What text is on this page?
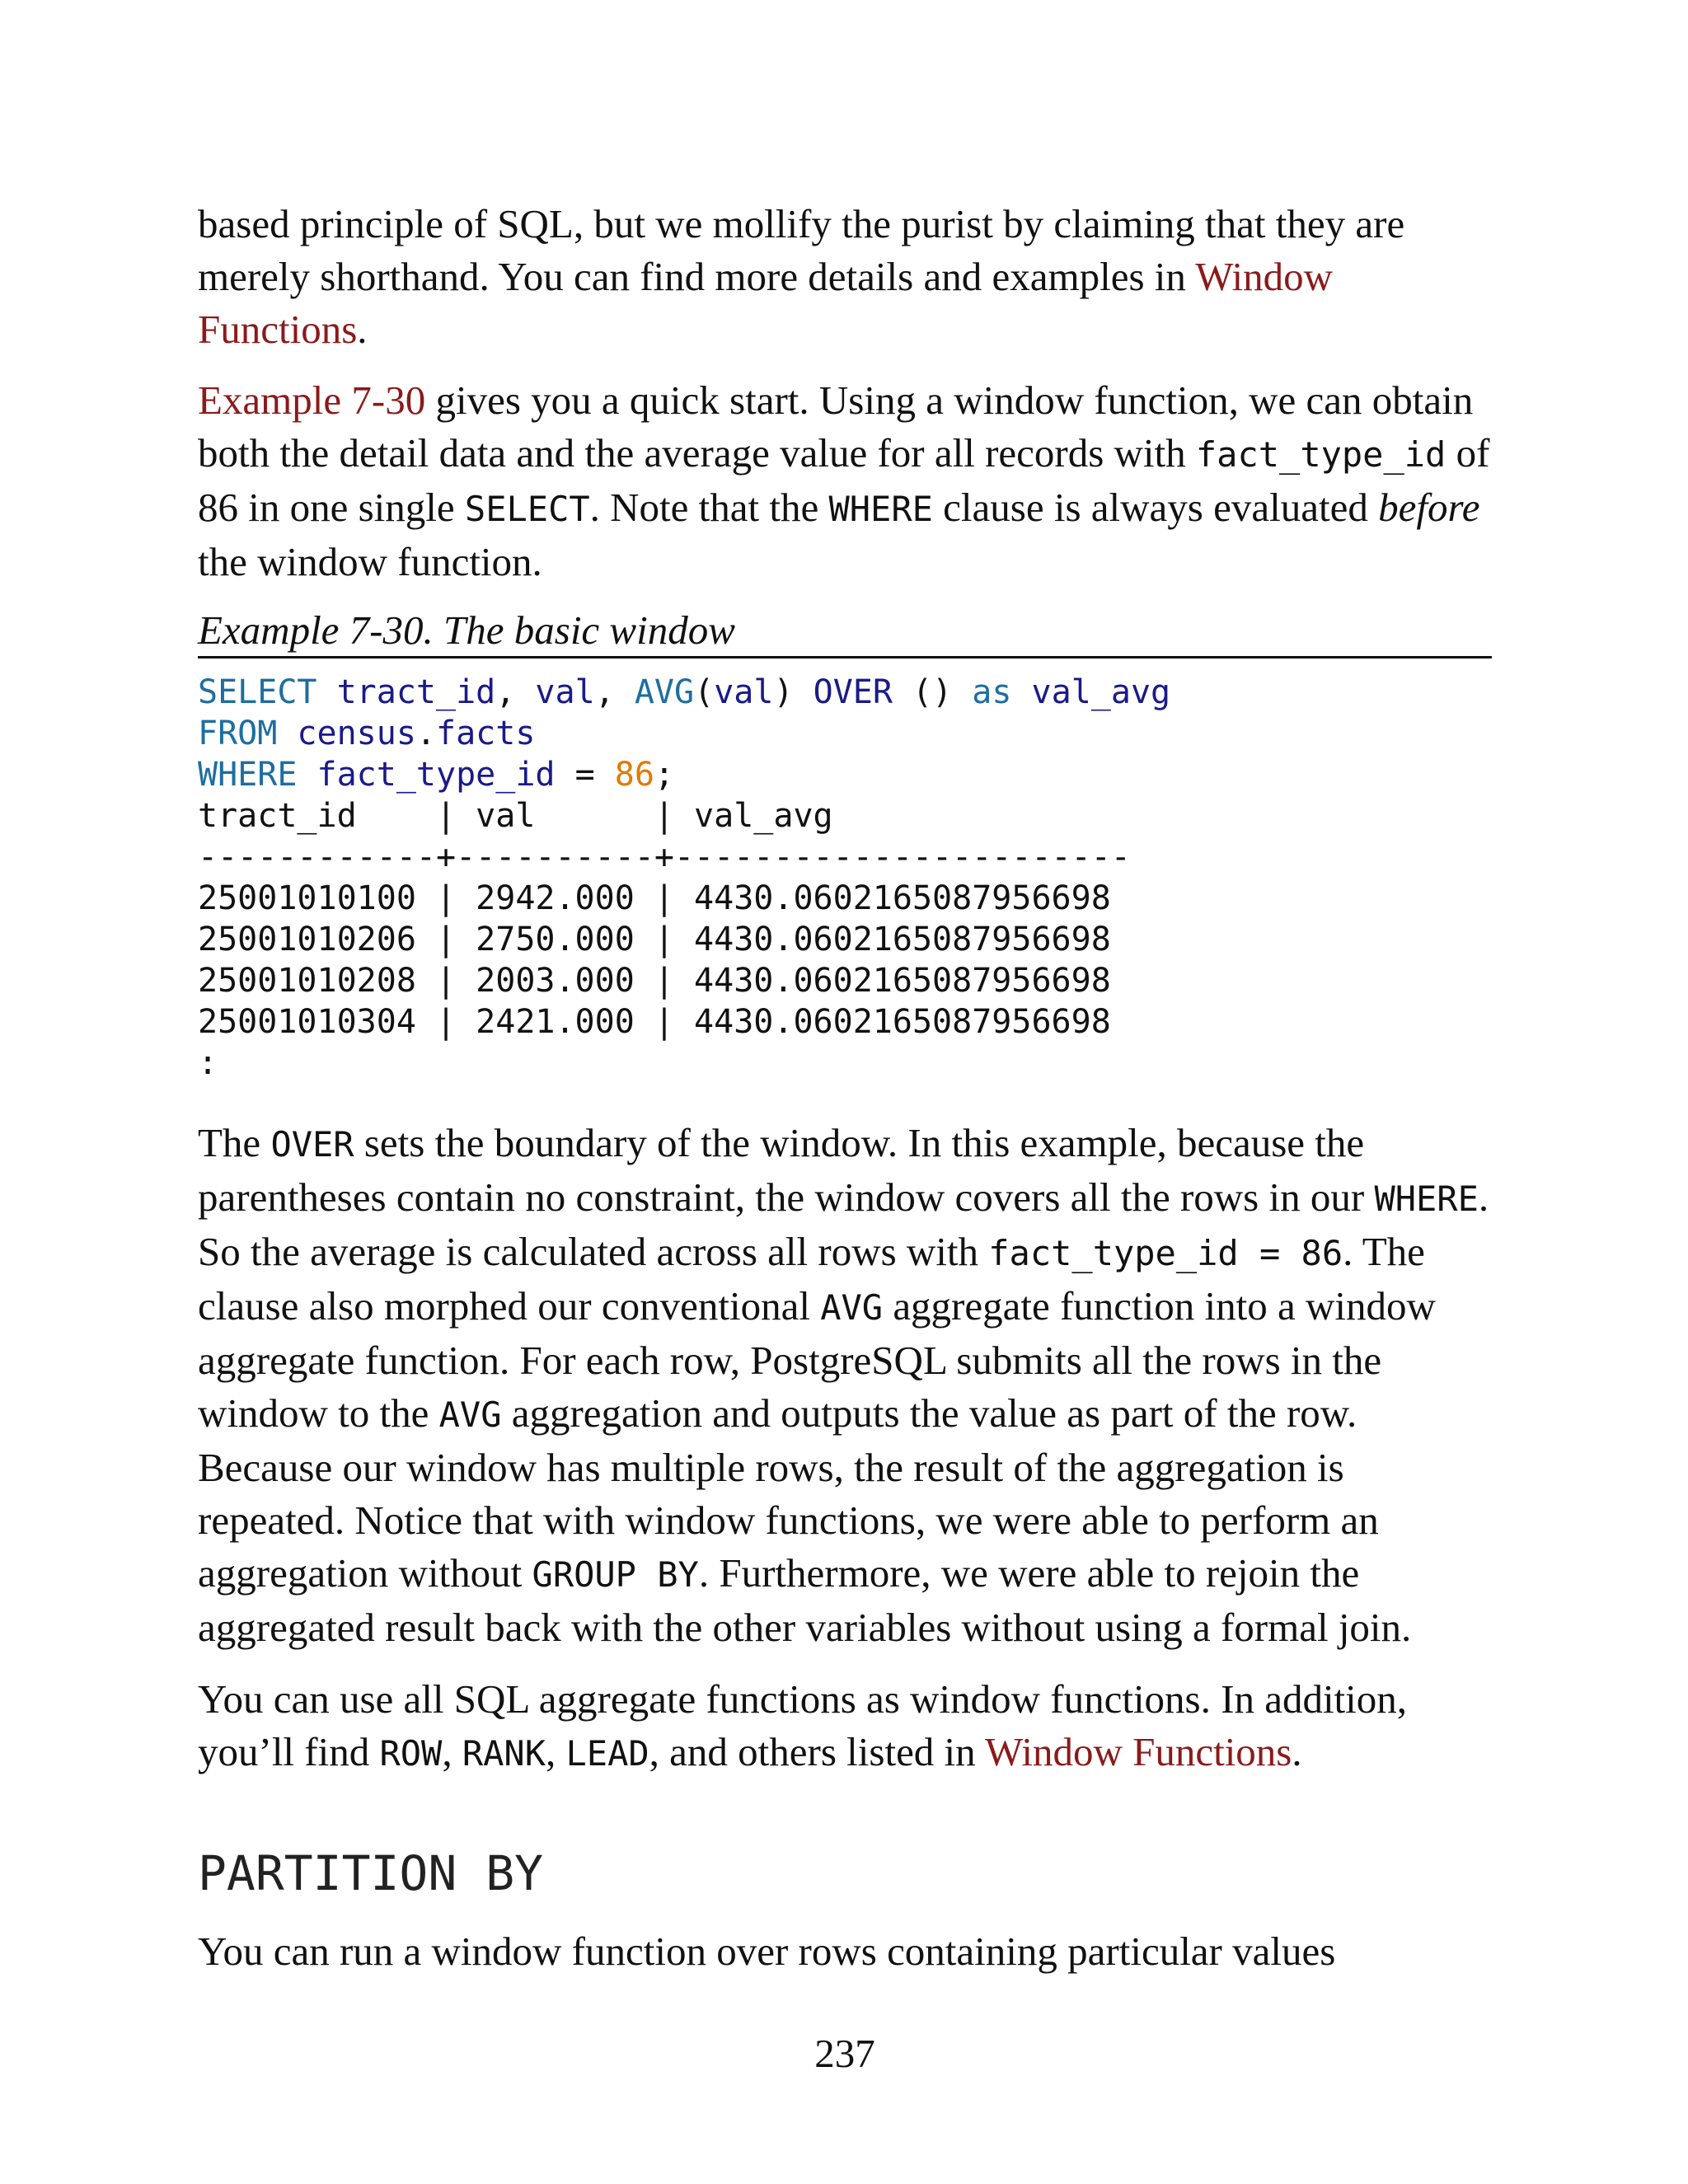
based principle of SQL, but we mollify the purist by claiming that they are merely shorthand. You can find more details and examples in Window Functions.

Example 7-30 gives you a quick start. Using a window function, we can obtain both the detail data and the average value for all records with fact_type_id of 86 in one single SELECT. Note that the WHERE clause is always evaluated before the window function.

Example 7-30. The basic window
SELECT tract_id, val, AVG(val) OVER () as val_avg
FROM census.facts
WHERE fact_type_id = 86;
tract_id    | val      | val_avg
------------+----------+-----------------------
25001010100 | 2942.000 | 4430.0602165087956698
25001010206 | 2750.000 | 4430.0602165087956698
25001010208 | 2003.000 | 4430.0602165087956698
25001010304 | 2421.000 | 4430.0602165087956698
:

The OVER sets the boundary of the window. In this example, because the parentheses contain no constraint, the window covers all the rows in our WHERE. So the average is calculated across all rows with fact_type_id = 86. The clause also morphed our conventional AVG aggregate function into a window aggregate function. For each row, PostgreSQL submits all the rows in the window to the AVG aggregation and outputs the value as part of the row. Because our window has multiple rows, the result of the aggregation is repeated. Notice that with window functions, we were able to perform an aggregation without GROUP BY. Furthermore, we were able to rejoin the aggregated result back with the other variables without using a formal join.

You can use all SQL aggregate functions as window functions. In addition, you’ll find ROW, RANK, LEAD, and others listed in Window Functions.

PARTITION BY

You can run a window function over rows containing particular values

237
